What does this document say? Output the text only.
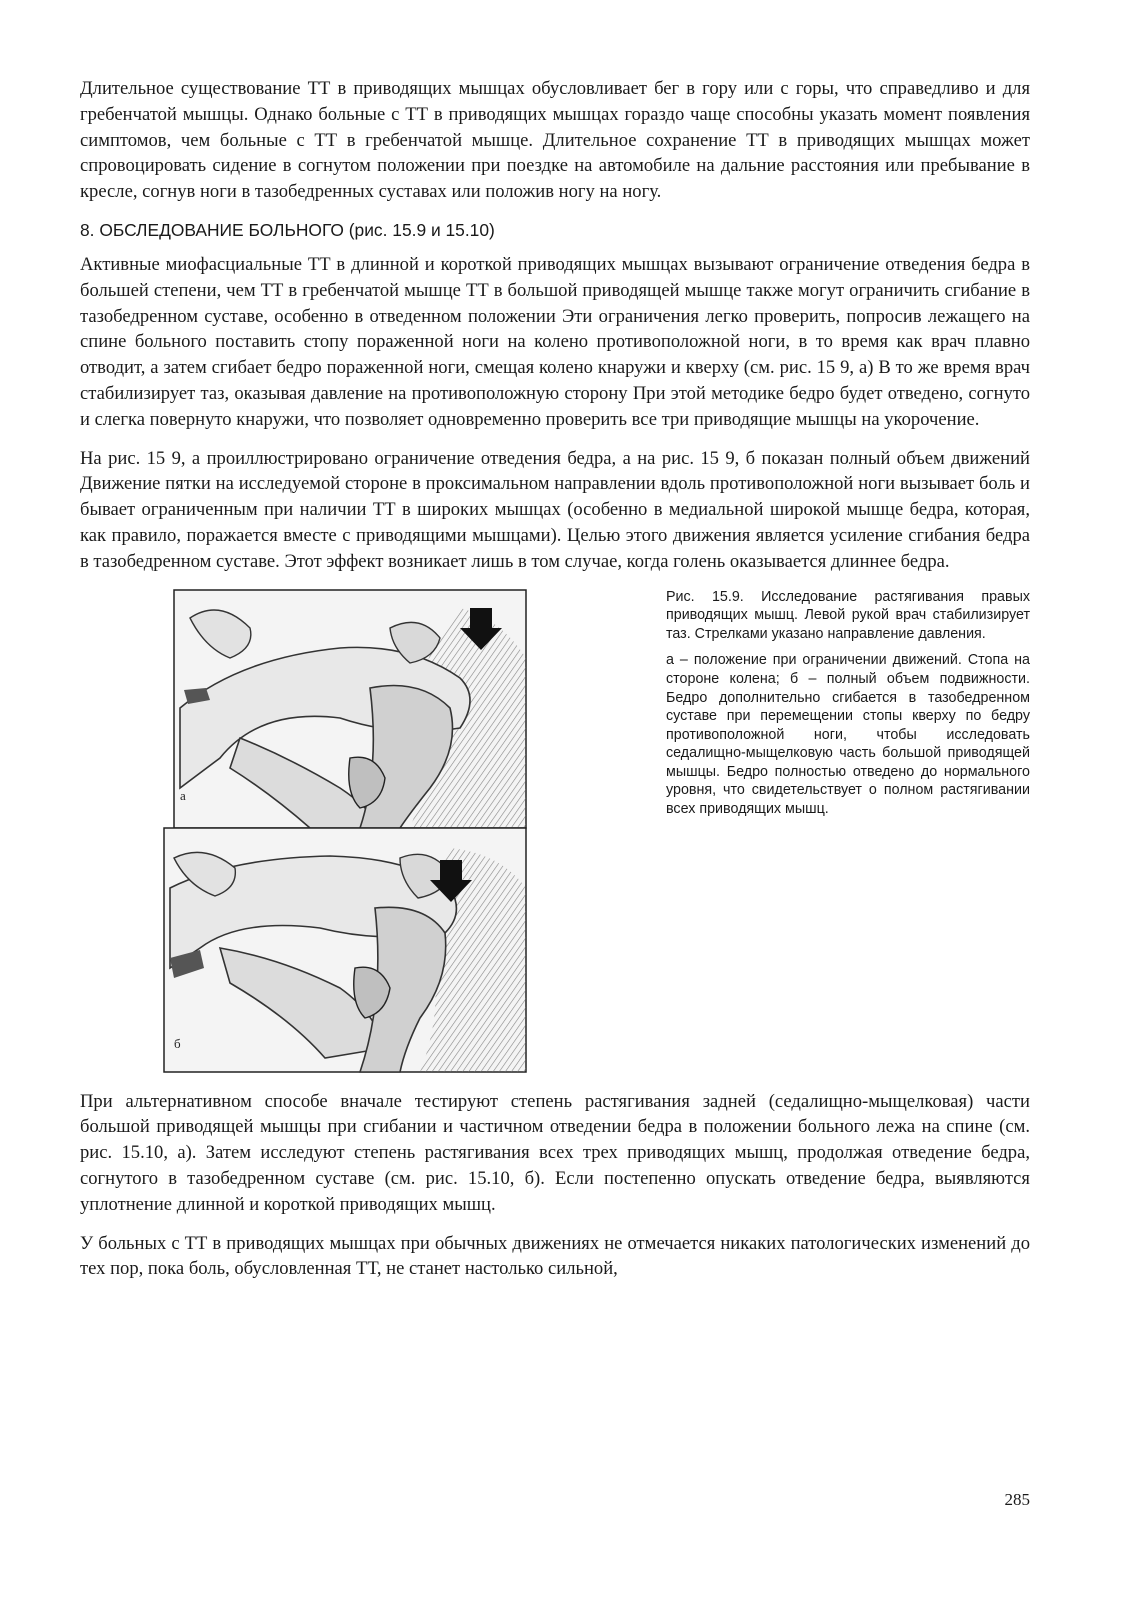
Длительное существование ТТ в приводящих мышцах обусловливает бег в гору или с горы, что справедливо и для гребенчатой мышцы. Однако больные с ТТ в приводящих мышцах гораздо чаще способны указать момент появления симптомов, чем больные с ТТ в гребенчатой мышце. Длительное сохранение ТТ в приводящих мышцах может спровоцировать сидение в согнутом положении при поездке на автомобиле на дальние расстояния или пребывание в кресле, согнув ноги в тазобедренных суставах или положив ногу на ногу.

8. ОБСЛЕДОВАНИЕ БОЛЬНОГО (рис. 15.9 и 15.10)

Активные миофасциальные ТТ в длинной и короткой приводящих мышцах вызывают ограничение отведения бедра в большей степени, чем ТТ в гребенчатой мышце ТТ в большой приводящей мышце также могут ограничить сгибание в тазобедренном суставе, особенно в отведенном положении Эти ограничения легко проверить, попросив лежащего на спине больного поставить стопу пораженной ноги на колено противоположной ноги, в то время как врач плавно отводит, а затем сгибает бедро пораженной ноги, смещая колено кнаружи и кверху (см. рис. 15 9, а) В то же время врач стабилизирует таз, оказывая давление на противоположную сторону При этой методике бедро будет отведено, согнуто и слегка повернуто кнаружи, что позволяет одновременно проверить все три приводящие мышцы на укорочение.

На рис. 15 9, а проиллюстрировано ограничение отведения бедра, а на рис. 15 9, б показан полный объем движений Движение пятки на исследуемой стороне в проксимальном направлении вдоль противоположной ноги вызывает боль и бывает ограниченным при наличии ТТ в широких мышцах (особенно в медиальной широкой мышце бедра, которая, как правило, поражается вместе с приводящими мышцами). Целью этого движения является усиление сгибания бедра в тазобедренном суставе. Этот эффект возникает лишь в том случае, когда голень оказывается длиннее бедра.

а
б

Рис. 15.9. Исследование растягивания правых приводящих мышц. Левой рукой врач стабилизирует таз. Стрелками указано направление давления.

а – положение при ограничении движений. Стопа на стороне колена; б – полный объем подвижности. Бедро дополнительно сгибается в тазобедренном суставе при перемещении стопы кверху по бедру противоположной ноги, чтобы исследовать седалищно-мыщелковую часть большой приводящей мышцы. Бедро полностью отведено до нормального уровня, что свидетельствует о полном растягивании всех приводящих мышц.

При альтернативном способе вначале тестируют степень растягивания задней (седалищно-мыщелковая) части большой приводящей мышцы при сгибании и частичном отведении бедра в положении больного лежа на спине (см. рис. 15.10, а). Затем исследуют степень растягивания всех трех приводящих мышц, продолжая отведение бедра, согнутого в тазобедренном суставе (см. рис. 15.10, б). Если постепенно опускать отведение бедра, выявляются уплотнение длинной и короткой приводящих мышц.

У больных с ТТ в приводящих мышцах при обычных движениях не отмечается никаких патологических изменений до тех пор, пока боль, обусловленная ТТ, не станет настолько сильной,

285
